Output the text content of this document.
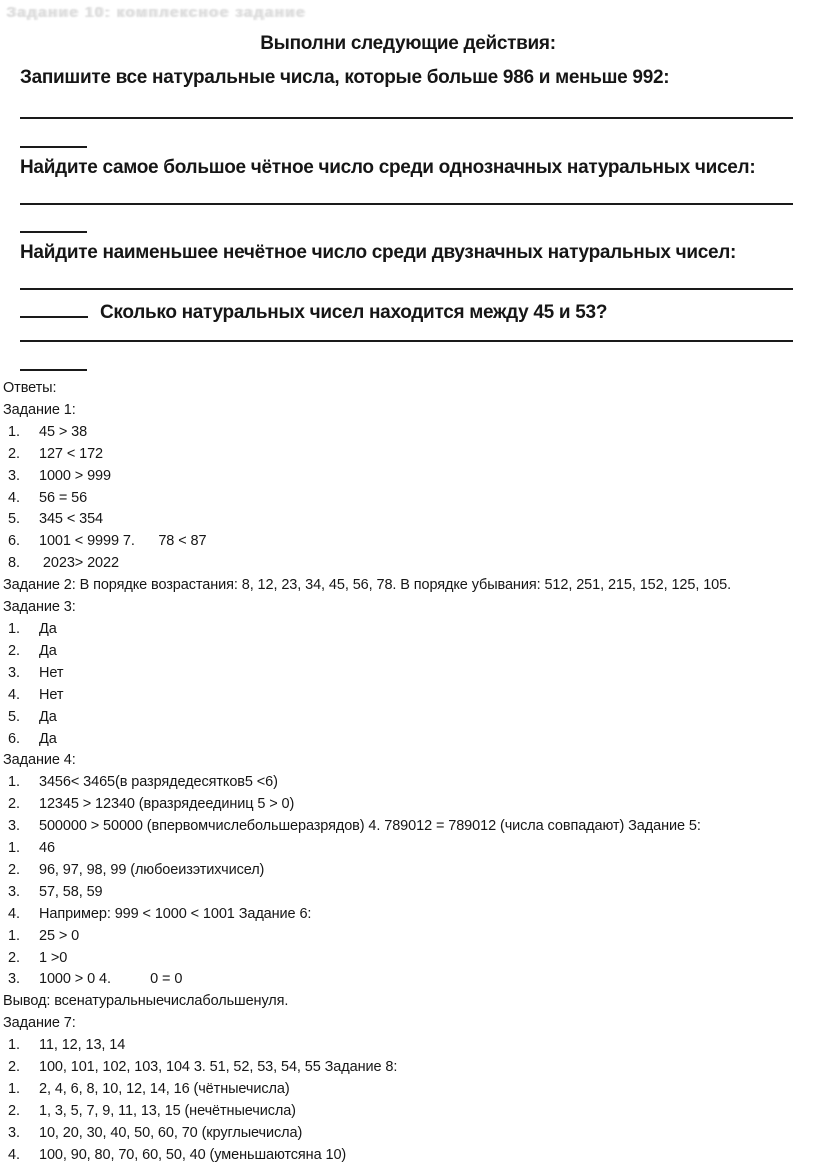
Задание 10: комплексное задание
Выполни следующие действия:
Запишите все натуральные числа, которые больше 986 и меньше 992:
Найдите самое большое чётное число среди однозначных натуральных чисел:
Найдите наименьшее нечётное число среди двузначных натуральных чисел:
Сколько натуральных чисел находится между 45 и 53?
Ответы:
Задание 1:
1. 45 > 38
2. 127 < 172
3. 1000 > 999
4. 56 = 56
5. 345 < 354
6. 1001 < 9999 7.      78 < 87
8. 2023> 2022
Задание 2: В порядке возрастания: 8, 12, 23, 34, 45, 56, 78. В порядке убывания: 512, 251, 215, 152, 125, 105.
Задание 3:
1. Да
2. Да
3. Нет
4. Нет
5. Да
6. Да
Задание 4:
1. 3456< 3465(в разрядедесятков5 <6)
2. 12345 > 12340 (вразрядеединиц 5 > 0)
3. 500000 > 50000 (впервомчислебольшеразрядов) 4. 789012 = 789012 (числа совпадают) Задание 5:
1. 46
2. 96, 97, 98, 99 (любоеизэтихчисел)
3. 57, 58, 59
4. Например: 999 < 1000 < 1001 Задание 6:
1. 25 > 0
2. 1 >0
3. 1000 > 0 4.          0 = 0
Вывод: всенатуральныечислабольшенуля.
Задание 7:
1. 11, 12, 13, 14
2. 100, 101, 102, 103, 104 3. 51, 52, 53, 54, 55 Задание 8:
1. 2, 4, 6, 8, 10, 12, 14, 16 (чётныечисла)
2. 1, 3, 5, 7, 9, 11, 13, 15 (нечётныечисла)
3. 10, 20, 30, 40, 50, 60, 70 (круглыечисла)
4. 100, 90, 80, 70, 60, 50, 40 (уменьшаютсяна 10)
